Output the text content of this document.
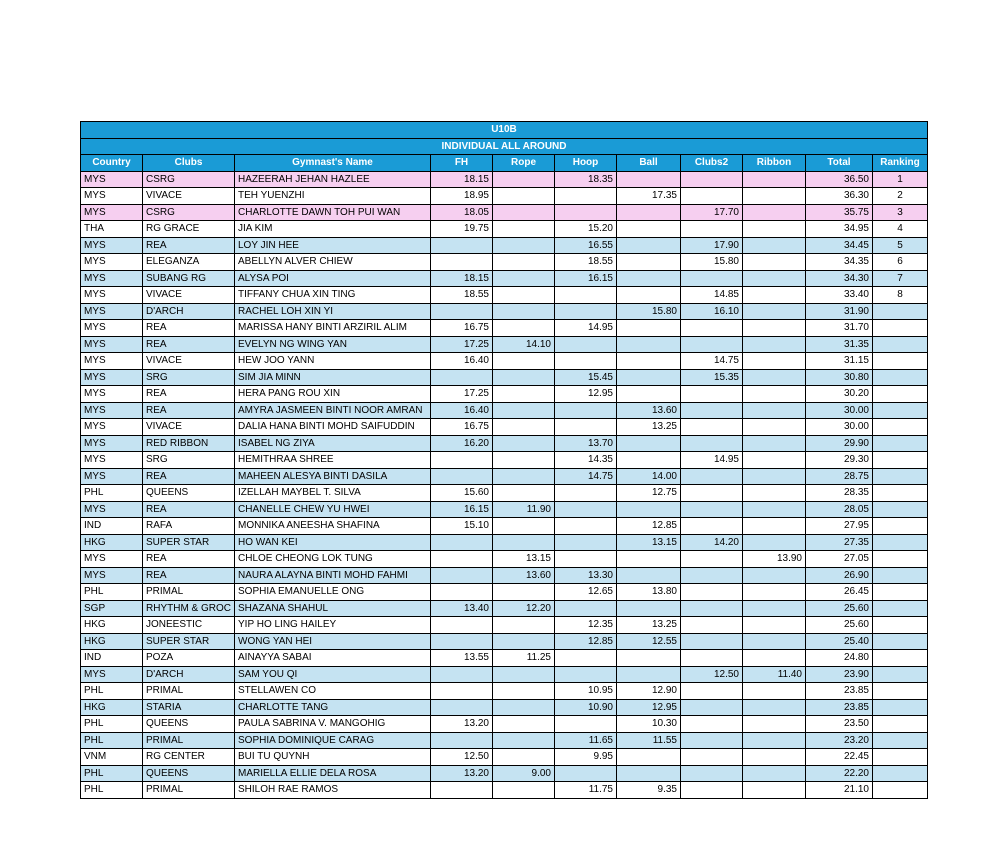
U10B										
INDIVIDUAL ALL AROUND										
Country	Clubs	Gymnast's Name	FH	Rope	Hoop	Ball	Clubs2	Ribbon	Total	Ranking
MYS	CSRG	HAZEERAH JEHAN HAZLEE	18.15		18.35				36.50	1
MYS	VIVACE	TEH YUENZHI	18.95			17.35			36.30	2
MYS	CSRG	CHARLOTTE DAWN TOH PUI WAN	18.05				17.70		35.75	3
THA	RG GRACE	JIA KIM	19.75		15.20				34.95	4
MYS	REA	LOY JIN HEE			16.55		17.90		34.45	5
MYS	ELEGANZA	ABELLYN ALVER CHIEW			18.55		15.80		34.35	6
MYS	SUBANG RG	ALYSA POI	18.15		16.15				34.30	7
MYS	VIVACE	TIFFANY CHUA XIN TING	18.55				14.85		33.40	8
MYS	D'ARCH	RACHEL LOH XIN YI				15.80	16.10		31.90	
MYS	REA	MARISSA HANY BINTI ARZIRIL ALIM	16.75		14.95				31.70	
MYS	REA	EVELYN NG WING YAN	17.25	14.10					31.35	
MYS	VIVACE	HEW JOO YANN	16.40				14.75		31.15	
MYS	SRG	SIM JIA MINN			15.45		15.35		30.80	
MYS	REA	HERA PANG ROU XIN	17.25		12.95				30.20	
MYS	REA	AMYRA JASMEEN BINTI NOOR AMRAN	16.40			13.60			30.00	
MYS	VIVACE	DALIA HANA BINTI MOHD SAIFUDDIN	16.75			13.25			30.00	
MYS	RED RIBBON	ISABEL NG ZIYA	16.20		13.70				29.90	
MYS	SRG	HEMITHRAA SHREE			14.35		14.95		29.30	
MYS	REA	MAHEEN ALESYA BINTI DASILA			14.75	14.00			28.75	
PHL	QUEENS	IZELLAH MAYBEL T. SILVA	15.60			12.75			28.35	
MYS	REA	CHANELLE CHEW YU HWEI	16.15	11.90					28.05	
IND	RAFA	MONNIKA ANEESHA SHAFINA	15.10			12.85			27.95	
HKG	SUPER STAR	HO WAN KEI				13.15	14.20		27.35	
MYS	REA	CHLOE CHEONG LOK TUNG		13.15				13.90	27.05	
MYS	REA	NAURA ALAYNA BINTI MOHD FAHMI		13.60	13.30				26.90	
PHL	PRIMAL	SOPHIA EMANUELLE ONG			12.65	13.80			26.45	
SGP	RHYTHM & GROC	SHAZANA SHAHUL	13.40	12.20					25.60	
HKG	JONEESTIC	YIP HO LING HAILEY			12.35	13.25			25.60	
HKG	SUPER STAR	WONG YAN HEI			12.85	12.55			25.40	
IND	POZA	AINAYYA SABAI	13.55	11.25					24.80	
MYS	D'ARCH	SAM YOU QI					12.50	11.40	23.90	
PHL	PRIMAL	STELLAWEN CO			10.95	12.90			23.85	
HKG	STARIA	CHARLOTTE TANG			10.90	12.95			23.85	
PHL	QUEENS	PAULA SABRINA V. MANGOHIG	13.20			10.30			23.50	
PHL	PRIMAL	SOPHIA DOMINIQUE CARAG			11.65	11.55			23.20	
VNM	RG CENTER	BUI TU QUYNH	12.50		9.95				22.45	
PHL	QUEENS	MARIELLA ELLIE DELA ROSA	13.20	9.00					22.20	
PHL	PRIMAL	SHILOH RAE RAMOS			11.75	9.35			21.10	
